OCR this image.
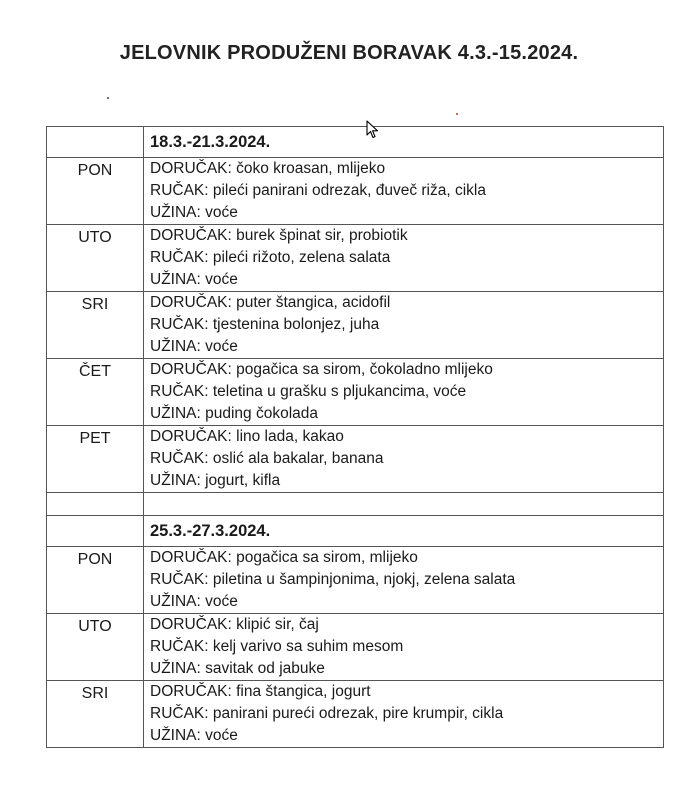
JELOVNIK PRODUŽENI BORAVAK 4.3.-15.2024.
	18.3.-21.3.2024.
PON	DORUČAK: čoko kroasan, mlijeko
RUČAK: pileći panirani odrezak, đuveč riža, cikla
UŽINA: voće

UTO	DORUČAK: burek špinat sir, probiotik
RUČAK: pileći rižoto, zelena salata
UŽINA: voće

SRI	DORUČAK: puter štangica, acidofil
RUČAK: tjestenina bolonjez, juha
UŽINA: voće

ČET	DORUČAK: pogačica sa sirom, čokoladno mlijeko
RUČAK: teletina u grašku s pljukancima, voće
UŽINA: puding čokolada

PET	DORUČAK: lino lada, kakao
RUČAK: oslić ala bakalar, banana
UŽINA: jogurt, kifla

	25.3.-27.3.2024.
PON	DORUČAK: pogačica sa sirom, mlijeko
RUČAK: piletina u šampinjonima, njokj, zelena salata
UŽINA: voće

UTO	DORUČAK: klipić sir, čaj
RUČAK: kelj varivo sa suhim mesom
UŽINA: savitak od jabuke

SRI	DORUČAK: fina štangica, jogurt
RUČAK: panirani pureći odrezak, pire krumpir, cikla
UŽINA: voće
